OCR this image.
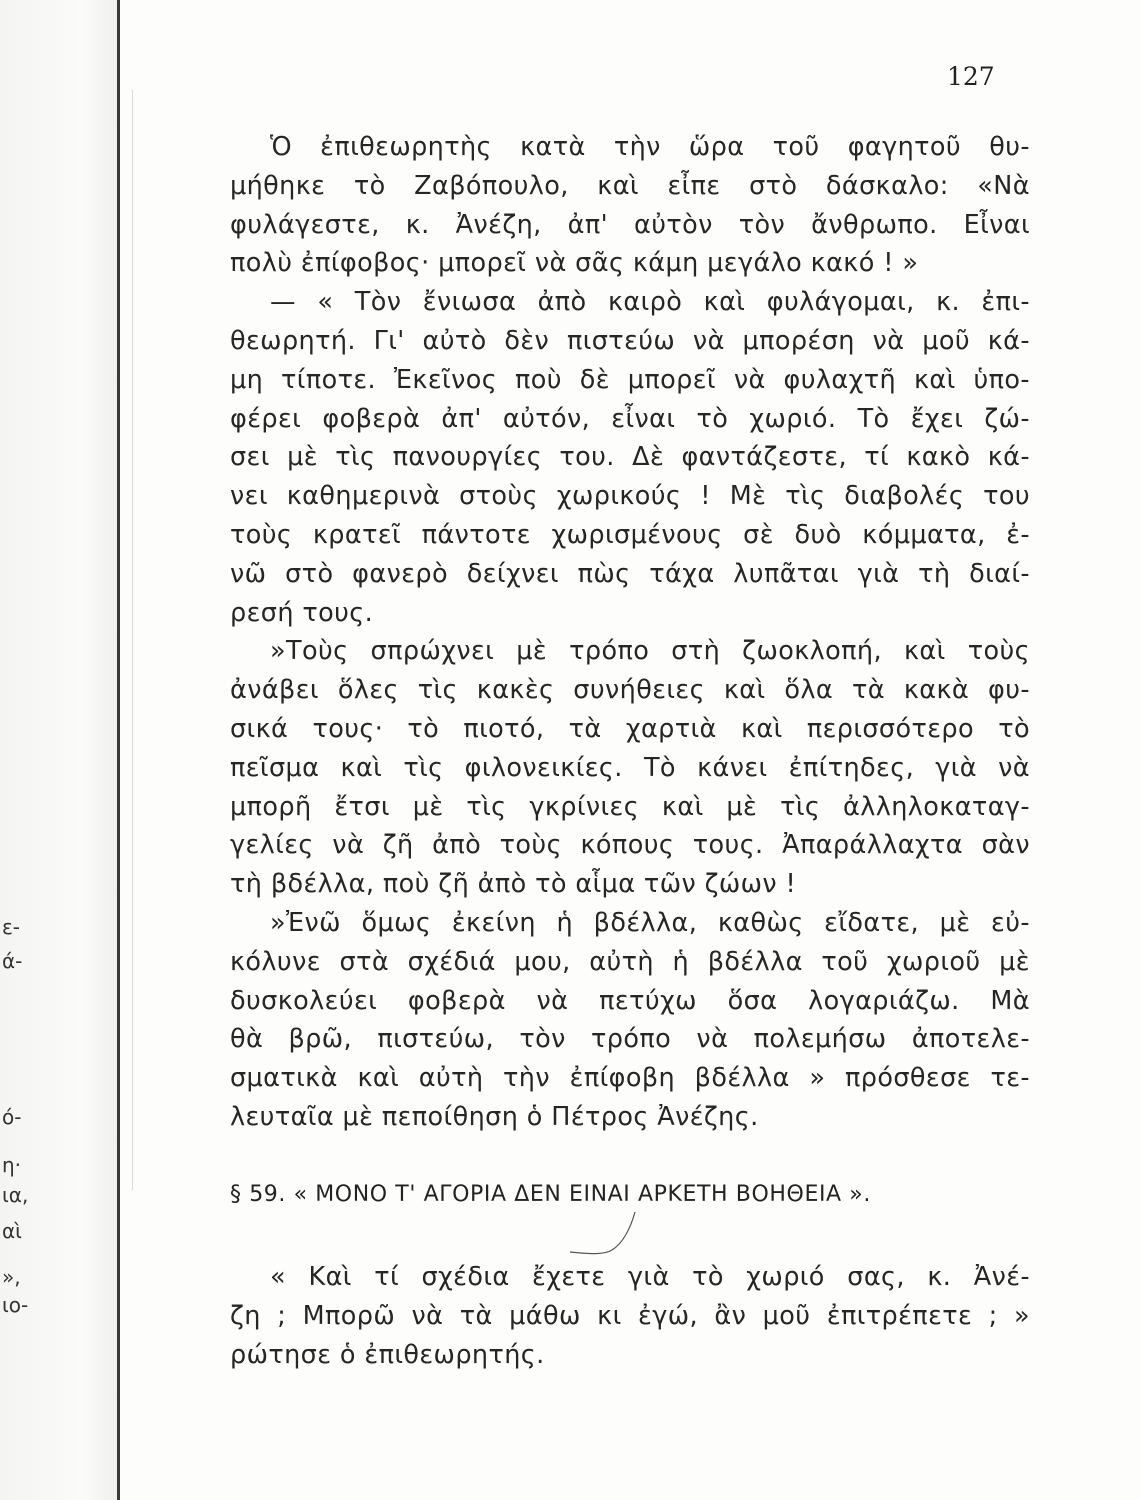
ε-
ά-
ό-
η·
ια,
αὶ
»,
ιο-
127
Ὁ ἐπιθεωρητὴς κατὰ τὴν ὥρα τοῦ φαγητοῦ θυ-
μήθηκε τὸ Ζαβόπουλο, καὶ εἶπε στὸ δάσκαλο: «Νὰ
φυλάγεστε, κ. Ἀνέζη, ἀπ' αὐτὸν τὸν ἄνθρωπο. Εἶναι
πολὺ ἐπίφοβος· μπορεῖ νὰ σᾶς κάμη μεγάλο κακό ! »
— « Τὸν ἔνιωσα ἀπὸ καιρὸ καὶ φυλάγομαι, κ. ἐπι-
θεωρητή. Γι' αὐτὸ δὲν πιστεύω νὰ μπορέση νὰ μοῦ κά-
μη τίποτε. Ἐκεῖνος ποὺ δὲ μπορεῖ νὰ φυλαχτῆ καὶ ὑπο-
φέρει φοβερὰ ἀπ' αὐτόν, εἶναι τὸ χωριό. Τὸ ἔχει ζώ-
σει μὲ τὶς πανουργίες του. Δὲ φαντάζεστε, τί κακὸ κά-
νει καθημερινὰ στοὺς χωρικούς ! Μὲ τὶς διαβολές του
τοὺς κρατεῖ πάντοτε χωρισμένους σὲ δυὸ κόμματα, ἐ-
νῶ στὸ φανερὸ δείχνει πὼς τάχα λυπᾶται γιὰ τὴ διαί-
ρεσή τους.
»Τοὺς σπρώχνει μὲ τρόπο στὴ ζωοκλοπή, καὶ τοὺς
ἀνάβει ὅλες τὶς κακὲς συνήθειες καὶ ὅλα τὰ κακὰ φυ-
σικά τους· τὸ πιοτό, τὰ χαρτιὰ καὶ περισσότερο τὸ
πεῖσμα καὶ τὶς φιλονεικίες. Τὸ κάνει ἐπίτηδες, γιὰ νὰ
μπορῆ ἔτσι μὲ τὶς γκρίνιες καὶ μὲ τὶς ἀλληλοκαταγ-
γελίες νὰ ζῆ ἀπὸ τοὺς κόπους τους. Ἀπαράλλαχτα σὰν
τὴ βδέλλα, ποὺ ζῆ ἀπὸ τὸ αἷμα τῶν ζώων !
»Ἐνῶ ὅμως ἐκείνη ἡ βδέλλα, καθὼς εἴδατε, μὲ εὐ-
κόλυνε στὰ σχέδιά μου, αὐτὴ ἡ βδέλλα τοῦ χωριοῦ μὲ
δυσκολεύει φοβερὰ νὰ πετύχω ὅσα λογαριάζω. Μὰ
θὰ βρῶ, πιστεύω, τὸν τρόπο νὰ πολεμήσω ἀποτελε-
σματικὰ καὶ αὐτὴ τὴν ἐπίφοβη βδέλλα » πρόσθεσε τε-
λευταῖα μὲ πεποίθηση ὁ Πέτρος Ἀνέζης.
§ 59. « ΜΟΝΟ Τ' ΑΓΟΡΙΑ ΔΕΝ ΕΙΝΑΙ ΑΡΚΕΤΗ ΒΟΗΘΕΙΑ ».
« Καὶ τί σχέδια ἔχετε γιὰ τὸ χωριό σας, κ. Ἀνέ-
ζη ; Μπορῶ νὰ τὰ μάθω κι ἐγώ, ἂν μοῦ ἐπιτρέπετε ; »
ρώτησε ὁ ἐπιθεωρητής.
